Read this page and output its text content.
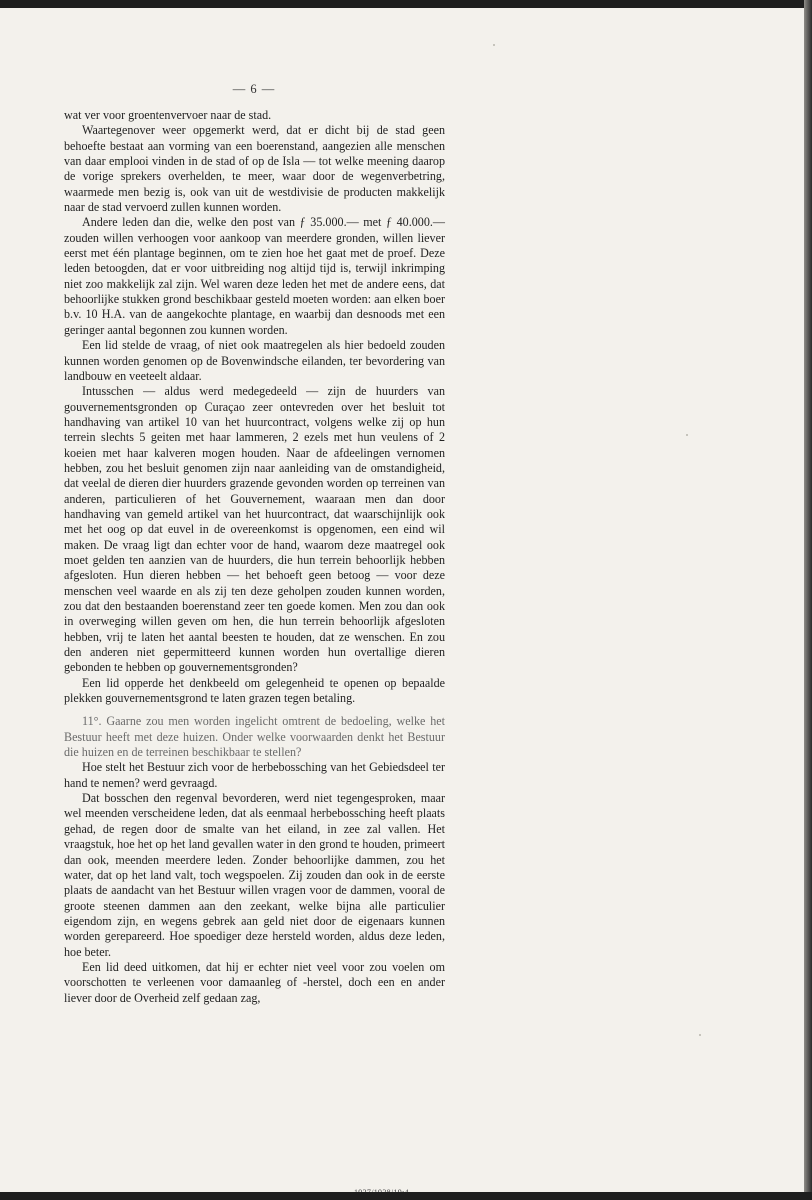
— 6 —

wat ver voor groentenvervoer naar de stad.

Waartegenover weer opgemerkt werd, dat er dicht bij de stad geen behoefte bestaat aan vorming van een boerenstand, aangezien alle menschen van daar emplooi vinden in de stad of op de Isla — tot welke meening daarop de vorige sprekers overhelden, te meer, waar door de wegenverbetring, waarmede men bezig is, ook van uit de westdivisie de producten makkelijk naar de stad vervoerd zullen kunnen worden.

Andere leden dan die, welke den post van ƒ 35.000.— met ƒ 40.000.— zouden willen verhoogen voor aankoop van meerdere gronden, willen liever eerst met één plantage beginnen, om te zien hoe het gaat met de proef. Deze leden betoogden, dat er voor uitbreiding nog altijd tijd is, terwijl inkrimping niet zoo makkelijk zal zijn. Wel waren deze leden het met de andere eens, dat behoorlijke stukken grond beschikbaar gesteld moeten worden: aan elken boer b.v. 10 H.A. van de aangekochte plantage, en waarbij dan desnoods met een geringer aantal begonnen zou kunnen worden.

Een lid stelde de vraag, of niet ook maatregelen als hier bedoeld zouden kunnen worden genomen op de Bovenwindsche eilanden, ter bevordering van landbouw en veeteelt aldaar.

Intusschen — aldus werd medegedeeld — zijn de huurders van gouvernementsgronden op Curaçao zeer ontevreden over het besluit tot handhaving van artikel 10 van het huurcontract, volgens welke zij op hun terrein slechts 5 geiten met haar lammeren, 2 ezels met hun veulens of 2 koeien met haar kalveren mogen houden. Naar de afdeelingen vernomen hebben, zou het besluit genomen zijn naar aanleiding van de omstandigheid, dat veelal de dieren dier huurders grazende gevonden worden op terreinen van anderen, particulieren of het Gouvernement, waaraan men dan door handhaving van gemeld artikel van het huurcontract, dat waarschijnlijk ook met het oog op dat euvel in de overeenkomst is opgenomen, een eind wil maken. De vraag ligt dan echter voor de hand, waarom deze maatregel ook moet gelden ten aanzien van de huurders, die hun terrein behoorlijk hebben afgesloten. Hun dieren hebben — het behoeft geen betoog — voor deze menschen veel waarde en als zij ten deze geholpen zouden kunnen worden, zou dat den bestaanden boerenstand zeer ten goede komen. Men zou dan ook in overweging willen geven om hen, die hun terrein behoorlijk afgesloten hebben, vrij te laten het aantal beesten te houden, dat ze wenschen. En zou den anderen niet gepermitteerd kunnen worden hun overtallige dieren gebonden te hebben op gouvernementsgronden?

Een lid opperde het denkbeeld om gelegenheid te openen op bepaalde plekken gouvernementsgrond te laten grazen tegen betaling.

11°. Gaarne zou men worden ingelicht omtrent de bedoeling, welke het Bestuur heeft met deze huizen. Onder welke voorwaarden denkt het Bestuur die huizen en de terreinen beschikbaar te stellen?

Hoe stelt het Bestuur zich voor de herbebossching van het Gebiedsdeel ter hand te nemen? werd gevraagd.

Dat bosschen den regenval bevorderen, werd niet tegengesproken, maar wel meenden verscheidene leden, dat als eenmaal herbebossching heeft plaats gehad, de regen door de smalte van het eiland, in zee zal vallen. Het vraagstuk, hoe het op het land gevallen water in den grond te houden, primeert dan ook, meenden meerdere leden. Zonder behoorlijke dammen, zou het water, dat op het land valt, toch wegspoelen. Zij zouden dan ook in de eerste plaats de aandacht van het Bestuur willen vragen voor de dammen, vooral de groote steenen dammen aan den zeekant, welke bijna alle particulier eigendom zijn, en wegens gebrek aan geld niet door de eigenaars kunnen worden gerepareerd. Hoe spoediger deze hersteld worden, aldus deze leden, hoe beter.

Een lid deed uitkomen, dat hij er echter niet veel voor zou voelen om voorschotten te verleenen voor damaanleg of -herstel, doch een en ander liever door de Overheid zelf gedaan zag,
